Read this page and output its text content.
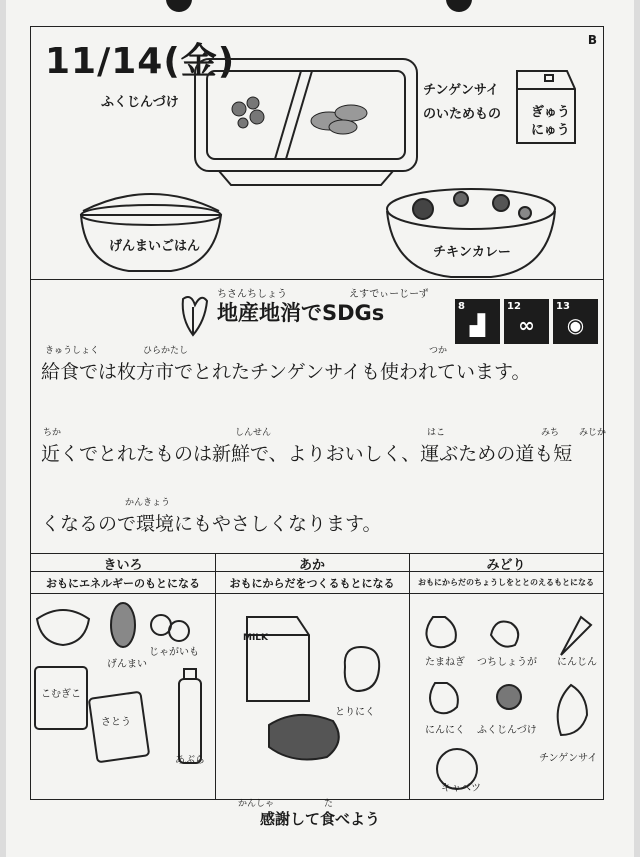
11/14(金)
B
ふくじんづけ
チンゲンサイ
のいためもの ぎゅう
にゅう
げんまいごはん	チキンカレー
ちさんちしょう	えすでぃーじーず
地産地消でSDGs	8
▟
12
∞
13
◉
きゅうしょく	ひらかたし	つか
給食では枚方市でとれたチンゲンサイも使われています。
ちか	しんせん	はこ	みち みじか
近くでとれたものは新鮮で、よりおいしく、運ぶための道も短
かんきょう
くなるので環境にもやさしくなります。
きいろ	あか	みどり
おもにエネルギーのもとになる	おもにからだをつくるもとになる	おもにからだのちょうしをととのえるもとになる
げんまい
じゃがいも
こむぎこ
さとう
あぶら
MILK
とりにく
たまねぎ つちしょうが にんじん
にんにく ふくじんづけ
チンゲンサイ
キャベツ
かんしゃ	た
感謝して食べよう
